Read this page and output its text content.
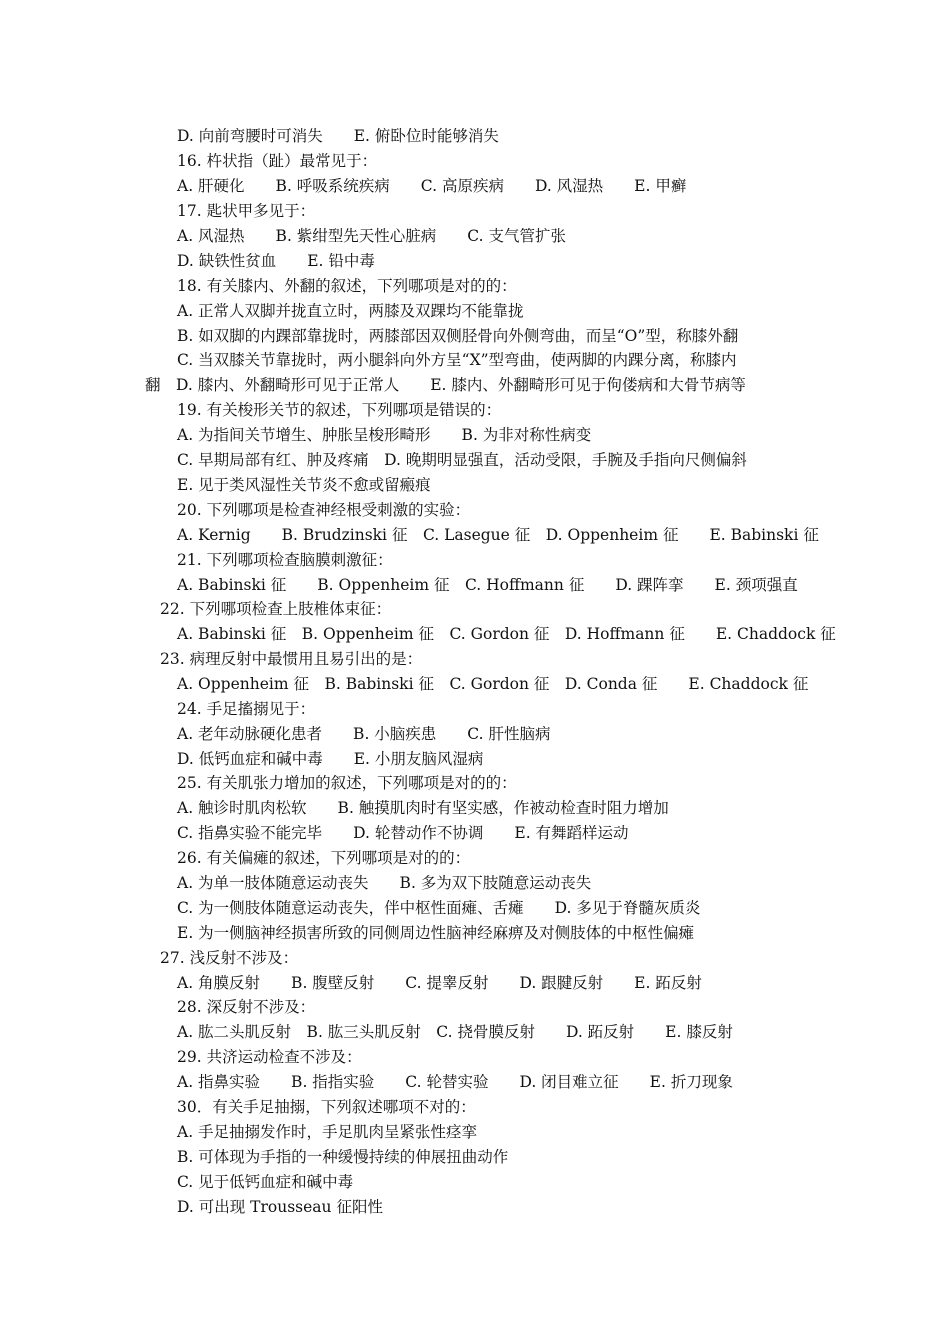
D. 向前弯腰时可消失　　E. 俯卧位时能够消失
16. 杵状指（趾）最常见于：
A. 肝硬化　　B. 呼吸系统疾病　　C. 高原疾病　　D. 风湿热　　E. 甲癣
17. 匙状甲多见于：
A. 风湿热　　B. 紫绀型先天性心脏病　　C. 支气管扩张
D. 缺铁性贫血　　E. 铅中毒
18. 有关膝内、外翻的叙述，下列哪项是对的的：
A. 正常人双脚并拢直立时，两膝及双踝均不能靠拢
B. 如双脚的内踝部靠拢时，两膝部因双侧胫骨向外侧弯曲，而呈“O”型，称膝外翻
C. 当双膝关节靠拢时，两小腿斜向外方呈“X”型弯曲，使两脚的内踝分离，称膝内
翻　D. 膝内、外翻畸形可见于正常人　　E. 膝内、外翻畸形可见于佝偻病和大骨节病等
19. 有关梭形关节的叙述，下列哪项是错误的：
A. 为指间关节增生、肿胀呈梭形畸形　　B. 为非对称性病变
C. 早期局部有红、肿及疼痛　D. 晚期明显强直，活动受限，手腕及手指向尺侧偏斜
E. 见于类风湿性关节炎不愈或留瘢痕
20. 下列哪项是检查神经根受刺激的实验：
A. Kernig　　B. Brudzinski 征　C. Lasegue 征　D. Oppenheim 征　　E. Babinski 征
21. 下列哪项检查脑膜刺激征：
A. Babinski 征　　B. Oppenheim 征　C. Hoffmann 征　　D. 踝阵挛　　E. 颈项强直
22. 下列哪项检查上肢椎体束征：
A. Babinski 征　B. Oppenheim 征　C. Gordon 征　D. Hoffmann 征　　E. Chaddock 征
23. 病理反射中最惯用且易引出的是：
A. Oppenheim 征　B. Babinski 征　C. Gordon 征　D. Conda 征　　E. Chaddock 征
24. 手足搐搦见于：
A. 老年动脉硬化患者　　B. 小脑疾患　　C. 肝性脑病
D. 低钙血症和碱中毒　　E. 小朋友脑风湿病
25. 有关肌张力增加的叙述，下列哪项是对的的：
A. 触诊时肌肉松软　　B. 触摸肌肉时有坚实感，作被动检查时阻力增加
C. 指鼻实验不能完毕　　D. 轮替动作不协调　　E. 有舞蹈样运动
26. 有关偏瘫的叙述，下列哪项是对的的：
A. 为单一肢体随意运动丧失　　B. 多为双下肢随意运动丧失
C. 为一侧肢体随意运动丧失，伴中枢性面瘫、舌瘫　　D. 多见于脊髓灰质炎
E. 为一侧脑神经损害所致的同侧周边性脑神经麻痹及对侧肢体的中枢性偏瘫
27. 浅反射不涉及：
A. 角膜反射　　B. 腹壁反射　　C. 提睾反射　　D. 跟腱反射　　E. 跖反射
28. 深反射不涉及：
A. 肱二头肌反射　B. 肱三头肌反射　C. 挠骨膜反射　　D. 跖反射　　E. 膝反射
29. 共济运动检查不涉及：
A. 指鼻实验　　B. 指指实验　　C. 轮替实验　　D. 闭目难立征　　E. 折刀现象
30．有关手足抽搦，下列叙述哪项不对的：
A. 手足抽搦发作时，手足肌肉呈紧张性痉挛
B. 可体现为手指的一种缓慢持续的伸展扭曲动作
C. 见于低钙血症和碱中毒
D. 可出现 Trousseau 征阳性
